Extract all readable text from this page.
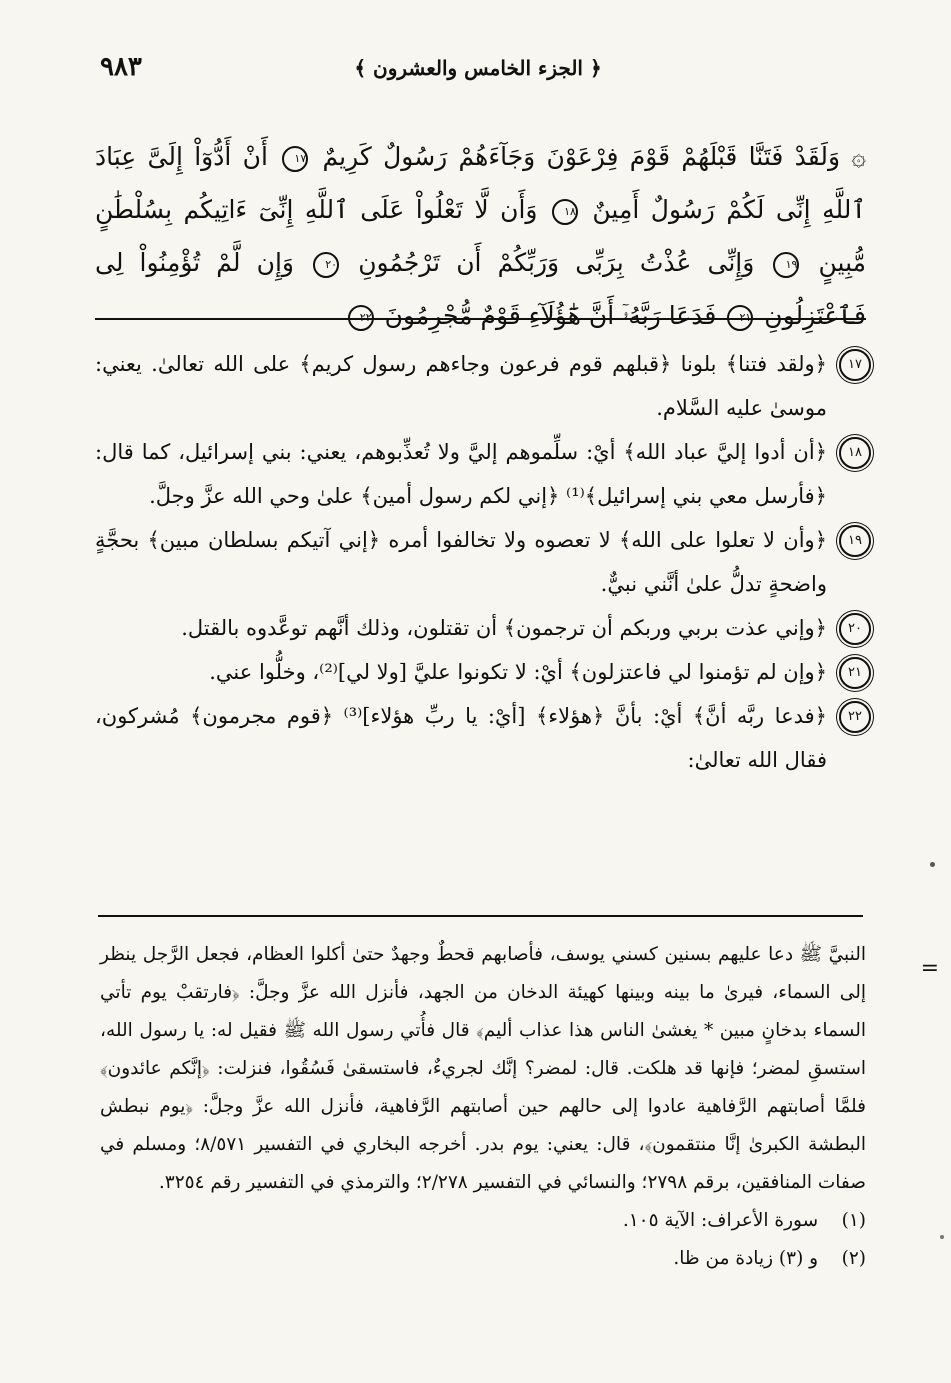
٩٨٣	﴿ الجزء الخامس والعشرون ﴾
۞ وَلَقَدْ فَتَنَّا قَبْلَهُمْ قَوْمَ فِرْعَوْنَ وَجَآءَهُمْ رَسُولٌ كَرِيمٌ ١٧ أَنْ أَدُّوٓاْ إِلَىَّ عِبَادَ ٱللَّهِ إِنِّى لَكُمْ رَسُولٌ أَمِينٌ ١٨ وَأَن لَّا تَعْلُواْ عَلَى ٱللَّهِ إِنِّىٓ ءَاتِيكُم بِسُلْطَٰنٍ مُّبِينٍ ١٩ وَإِنِّى عُذْتُ بِرَبِّى وَرَبِّكُمْ أَن تَرْجُمُونِ ٢٠ وَإِن لَّمْ تُؤْمِنُواْ لِى فَٱعْتَزِلُونِ ٢١ فَدَعَا رَبَّهُۥٓ أَنَّ هَٰٓؤُلَآءِ قَوْمٌ مُّجْرِمُونَ ٢٢
١٧
﴿ولقد فتنا﴾ بلونا ﴿قبلهم قوم فرعون وجاءهم رسول كريم﴾ على الله تعالىٰ. يعني: موسىٰ عليه السَّلام.
١٨
﴿أن أدوا إليَّ عباد الله﴾ أيْ: سلِّموهم إليَّ ولا تُعذِّبوهم، يعني: بني إسرائيل، كما قال: ﴿فأرسل معي بني إسرائيل﴾⁽¹⁾ ﴿إني لكم رسول أمين﴾ علىٰ وحي الله عزَّ وجلَّ.
١٩
﴿وأن لا تعلوا على الله﴾ لا تعصوه ولا تخالفوا أمره ﴿إني آتيكم بسلطان مبين﴾ بحجَّةٍ واضحةٍ تدلُّ علىٰ أنَّني نبيٌّ.
٢٠
﴿وإني عذت بربي وربكم أن ترجمون﴾ أن تقتلون، وذلك أنَّهم توعَّدوه بالقتل.
٢١
﴿وإن لم تؤمنوا لي فاعتزلون﴾ أيْ: لا تكونوا عليَّ [ولا لي]⁽²⁾، وخلُّوا عني.
٢٢
﴿فدعا ربَّه أنَّ﴾ أيْ: بأنَّ ﴿هؤلاء﴾ [أيْ: يا ربِّ هؤلاء]⁽³⁾ ﴿قوم مجرمون﴾ مُشركون، فقال الله تعالىٰ:
=
النبيَّ ﷺ دعا عليهم بسنين كسني يوسف، فأصابهم قحطٌ وجهدٌ حتىٰ أكلوا العظام، فجعل الرَّجل ينظر إلى السماء، فيرىٰ ما بينه وبينها كهيئة الدخان من الجهد، فأنزل الله عزَّ وجلَّ: ﴿فارتقبْ يوم تأتي السماء بدخانٍ مبين * يغشىٰ الناس هذا عذاب أليم﴾ قال فأُتي رسول الله ﷺ فقيل له: يا رسول الله، استسقِ لمضر؛ فإنها قد هلكت. قال: لمضر؟ إنَّك لجريءٌ، فاستسقىٰ فَسُقُوا، فنزلت: ﴿إنَّكم عائدون﴾ فلمَّا أصابتهم الرَّفاهية عادوا إلى حالهم حين أصابتهم الرَّفاهية، فأنزل الله عزَّ وجلَّ: ﴿يوم نبطش البطشة الكبرىٰ إنَّا منتقمون﴾، قال: يعني: يوم بدر. أخرجه البخاري في التفسير ٨/٥٧١؛ ومسلم في صفات المنافقين، برقم ٢٧٩٨؛ والنسائي في التفسير ٢/٢٧٨؛ والترمذي في التفسير رقم ٣٢٥٤.
(١) سورة الأعراف: الآية ١٠٥.
(٢) و (٣) زيادة من ظا.
